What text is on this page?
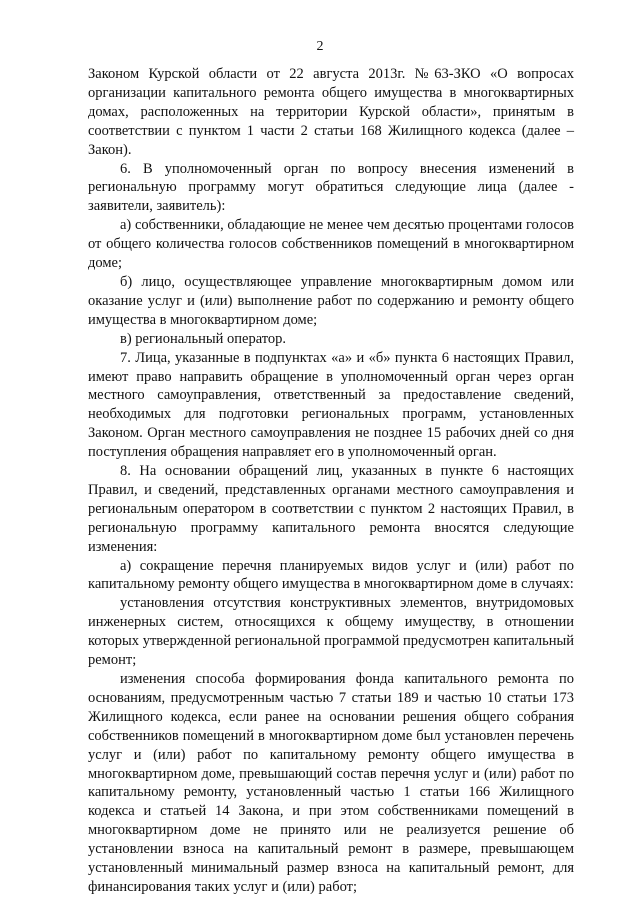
2

Законом Курской области от 22 августа 2013г. №63-ЗКО «О вопросах организации капитального ремонта общего имущества в многоквартирных домах, расположенных на территории Курской области», принятым в соответствии с пунктом 1 части 2 статьи 168 Жилищного кодекса (далее – Закон).

6. В уполномоченный орган по вопросу внесения изменений в региональную программу могут обратиться следующие лица (далее - заявители, заявитель):

а) собственники, обладающие не менее чем десятью процентами голосов от общего количества голосов собственников помещений в многоквартирном доме;

б) лицо, осуществляющее управление многоквартирным домом или оказание услуг и (или) выполнение работ по содержанию и ремонту общего имущества в многоквартирном доме;

в) региональный оператор.

7. Лица, указанные в подпунктах «а» и «б» пункта 6 настоящих Правил, имеют право направить обращение в уполномоченный орган через орган местного самоуправления, ответственный за предоставление сведений, необходимых для подготовки региональных программ, установленных Законом. Орган местного самоуправления не позднее 15 рабочих дней со дня поступления обращения направляет его в уполномоченный орган.

8. На основании обращений лиц, указанных в пункте 6 настоящих Правил, и сведений, представленных органами местного самоуправления и региональным оператором в соответствии с пунктом 2 настоящих Правил, в региональную программу капитального ремонта вносятся следующие изменения:

а) сокращение перечня планируемых видов услуг и (или) работ по капитальному ремонту общего имущества в многоквартирном доме в случаях:

установления отсутствия конструктивных элементов, внутридомовых инженерных систем, относящихся к общему имуществу, в отношении которых утвержденной региональной программой предусмотрен капитальный ремонт;

изменения способа формирования фонда капитального ремонта по основаниям, предусмотренным частью 7 статьи 189 и частью 10 статьи 173 Жилищного кодекса, если ранее на основании решения общего собрания собственников помещений в многоквартирном доме был установлен перечень услуг и (или) работ по капитальному ремонту общего имущества в многоквартирном доме, превышающий состав перечня услуг и (или) работ по капитальному ремонту, установленный частью 1 статьи 166 Жилищного кодекса и статьей 14 Закона, и при этом собственниками помещений в многоквартирном доме не принято или не реализуется решение об установлении взноса на капитальный ремонт в размере, превышающем установленный минимальный размер взноса на капитальный ремонт, для финансирования таких услуг и (или) работ;
